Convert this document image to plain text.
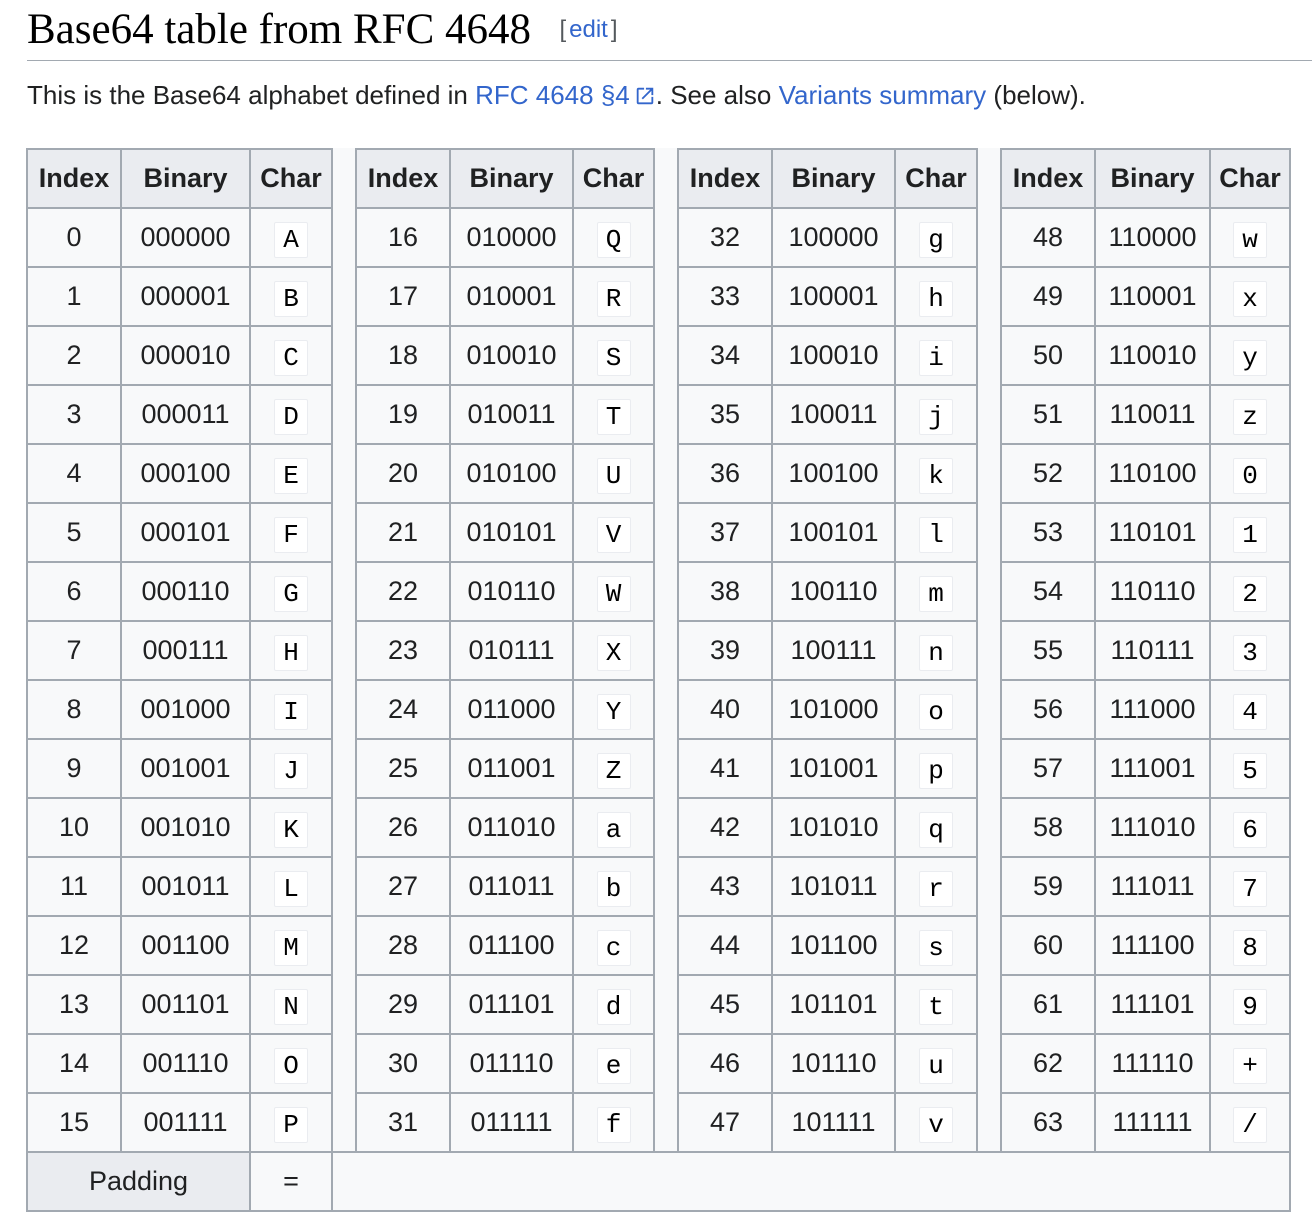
Base64 table from RFC 4648 [ edit ]

This is the Base64 alphabet defined in RFC 4648 §4 . See also Variants summary (below).

Index	Binary	Char		Index	Binary	Char		Index	Binary	Char		Index	Binary	Char
0	000000	A		16	010000	Q		32	100000	g		48	110000	w
1	000001	B		17	010001	R		33	100001	h		49	110001	x
2	000010	C		18	010010	S		34	100010	i		50	110010	y
3	000011	D		19	010011	T		35	100011	j		51	110011	z
4	000100	E		20	010100	U		36	100100	k		52	110100	0
5	000101	F		21	010101	V		37	100101	l		53	110101	1
6	000110	G		22	010110	W		38	100110	m		54	110110	2
7	000111	H		23	010111	X		39	100111	n		55	110111	3
8	001000	I		24	011000	Y		40	101000	o		56	111000	4
9	001001	J		25	011001	Z		41	101001	p		57	111001	5
10	001010	K		26	011010	a		42	101010	q		58	111010	6
11	001011	L		27	011011	b		43	101011	r		59	111011	7
12	001100	M		28	011100	c		44	101100	s		60	111100	8
13	001101	N		29	011101	d		45	101101	t		61	111101	9
14	001110	O		30	011110	e		46	101110	u		62	111110	+
15	001111	P		31	011111	f		47	101111	v		63	111111	/
Padding		=												
